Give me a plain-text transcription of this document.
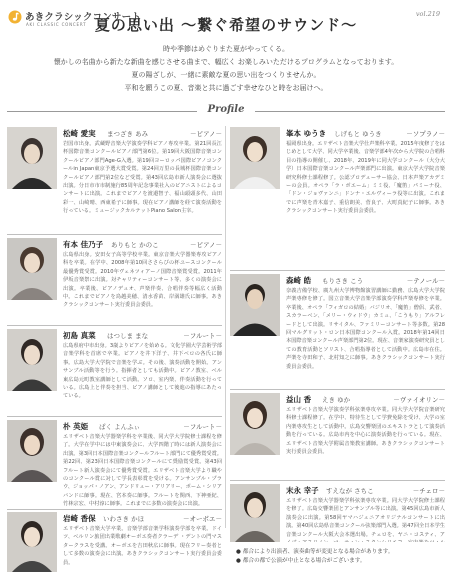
あきクラシックコンサート
AKI CLASSIC CONCERT
vol.219
夏の思い出 ～繋ぐ希望のサウンド～
時や季節はめぐりまた夏がやってくる。
懐かしの名曲から新たな新曲を感じさせる曲まで、幅広く お楽しみいただけるプログラムとなっております。
夏の陽ざしが、一緒に素敵な夏の思い出をつくりませんか。
平和を願うこの夏、音楽と共に過ごす幸せなひと時をお届けへ。
Profile
松崎 愛実 まつざき あみ	－ピアノ－
岩国市出身。武蔵野音楽大学演奏学科ピアノ専攻卒業。第21回長江杯国際音楽コンクールピアノ部門第6位。第19回大阪国際音楽コンクールピアノ部門Age-G入選。第19回ヨーロッパ国際ピアノコンクールin Japan東京予選大賞受賞。第24回万里の長城杯国際音楽コンクールピアノ部門第2位など受賞。第43回広島市新人演奏会に選抜出演。分日市市市制施行85周年記念事業社入のピアニストによるコンサートに出演。これまでピアノを渡邉智子、福山頭頭多代、山田彩一、山崎晴、西東希子に師事。現在ピアノ講師を経て演奏活動を行っている。ミュージックカルテットPiano Salon主宰。
有本 佳乃子 ありもと かのこ	－ピアノ－
広島県出身。安田女子高等学校卒業。東京音楽大学器楽専攻ピアノ科を卒業。在学中、2008年第10回ささらびの杯ユースコンクール最優秀賞受賞。2010年ヴェネツィアーノ国際音楽賞受賞。2011年伊坂音楽祭に出演。対チャリティーコンサート等、多くの演奏会に出演。卒業後、ピアノデュオ、声楽伴奏、合唱伴奏等幅広く活動中。これまでピアノを鳥越美穂、清水香苗、岸満雄氏に師事。あきクラシックコンサート実行委員会委員。
初島 真菜 はつしま まな	－フルート－
広島県府中市出身。3歳よりピアノを始める。文化学園大学芸術学部音楽学科を首席で卒業。ピアノを井下洋子、井下ベロの各氏に師事。広島大学大学院で音楽を学ぶ。その後、演奏活動を開始。アンサンブル活動等を行う。指揮者としても活動中。ピアノ教室、ベル東広島元町教室講師として活動。ソロ、室内楽、伴奏活動を行っている。広島上と伴奏を担当、ピアノ講師として後進の指導にあたっている。
朴 英姫 ぱく よんふぃ	－フルート－
エリザベト音楽大学器楽学科を卒業後、同大学大学院修士課程を修了。大学在学中には中東演奏会に、大学四階了時には新人演奏会に出演。第3回日本国際音楽コンクールフルート部門にて優秀賞受賞。第22回、第23回日本国際音楽コンクールにて奨励賞受賞。第43回フルート新人演奏会にて優秀賞受賞。エリザベト音楽大学より職やのコンクール賞に対して学長表彰賞を受ける。アンサンブル・プラウ、ジョッパ・ノアン、アンドリュー・アリアリー、ボーム・シリアバンドに師事。現在、宮本奏に師事。フルートを関西、下神亜紀、竹林宗宏、中村淳に師事。これまでに多数の演奏会に出演。
岩崎 香保 いわさき かほ	－オーボエ－
エリザベト音楽大学卒業。音楽学部音楽学科演奏学部を卒業。ドイツ、ベルリン旅団出業歌劇オーボエ奏者クラーデ ・デントの門マスタークラスを受講。オーボエを吉田秋広に師事。現在フリー奏者として多数の演奏会に出演。あきクラシックコンサート実行委員会委員。
峯本 ゆうき しげもと ゆうき	－ソプラノ－
福岡県出身。エリザベト音楽大学仕声楽科卒業。2015年度修了をはじめとして大学、同大学卒業後、音楽学部4年次から大学院の合唱科目の指導の開催し、2018年、2019年に同大学コンクール（大分大学）日本国際音楽コンクール声楽部門に出演。東京大学大学院音楽研究科修士課程修了。公認プロデューサー協会、日本声楽アカデミーの会員。オペラ「ラ・ボエーム」ミミ役、「魔笛」パミーナ役、「ドン・ジョヴァンニ」ドンナ・エルヴィーラ役等に出演。これまでに声楽を青木嘉子、重信朗美、菅良子、大町真紀子に師事。あきクラシックコンサート実行委員会委員。
森崎 皓 もりさき こう	－テノール－
奈義吉備学校、廣九州大学博物館演習講師に勤務、広島大学大学院 声楽専修を修了。国立音楽大学音楽学部演奏学科声楽専修を卒業。卒業後、オペラ「フィガロの結婚」バジリオ、「魔笛」僧侶、武者、スカラーベン、「メリー・ウィドウ」カミュ、「こうもり」アルフレードとして出演。リサイタル、ファミリーコンサート等多数。第28回マルグリット・ロン日本国際コンクール入賞。2018年第14回日本国際音楽コンクール声楽部門第2位。現在、音楽家演奏研究員としての教育活動とソリスト、合唱指導者として活動中。広島市在住。声楽を寺田和子、北村知之に師事。あきクラシックコンサート実行委員会委員。
益山 香 えき ゆか	－ヴァイオリン－
エリザベト音楽大学演奏学科弦楽専攻卒業。同大学大学院音楽研究科修士課程修了。在学中、特待生として学費免除を受け、大学の室内楽専攻生として活動中。広島交響楽団のエキストラとして演奏活動を行っている。広島市内を中心に演奏活動を行っている。現在、エリザベト音楽大学附属音楽教室講師。あきクラシックコンサート実行委員会委員。
末永 幸子 すえなが さちこ	－チェロ－
エリザベト音楽大学器楽学科弦楽専攻卒業。同大学大学院修士課程を修了。広島交響楽団とアンサンブル等に出演。第45回広島市新人演奏会に出演。第58回ヤマハジュニアオリジナルコンサートに出演。第40回広島県音楽コンクール弦楽部門入選。第47回全日本学生音楽コンクール大阪大会本選出場。チェロを、ヤニ・コスティ、ア
● 都合により出演者、演奏曲等が変更となる場合があります。
● 都合の都で公演が中止となる場合がございます。
